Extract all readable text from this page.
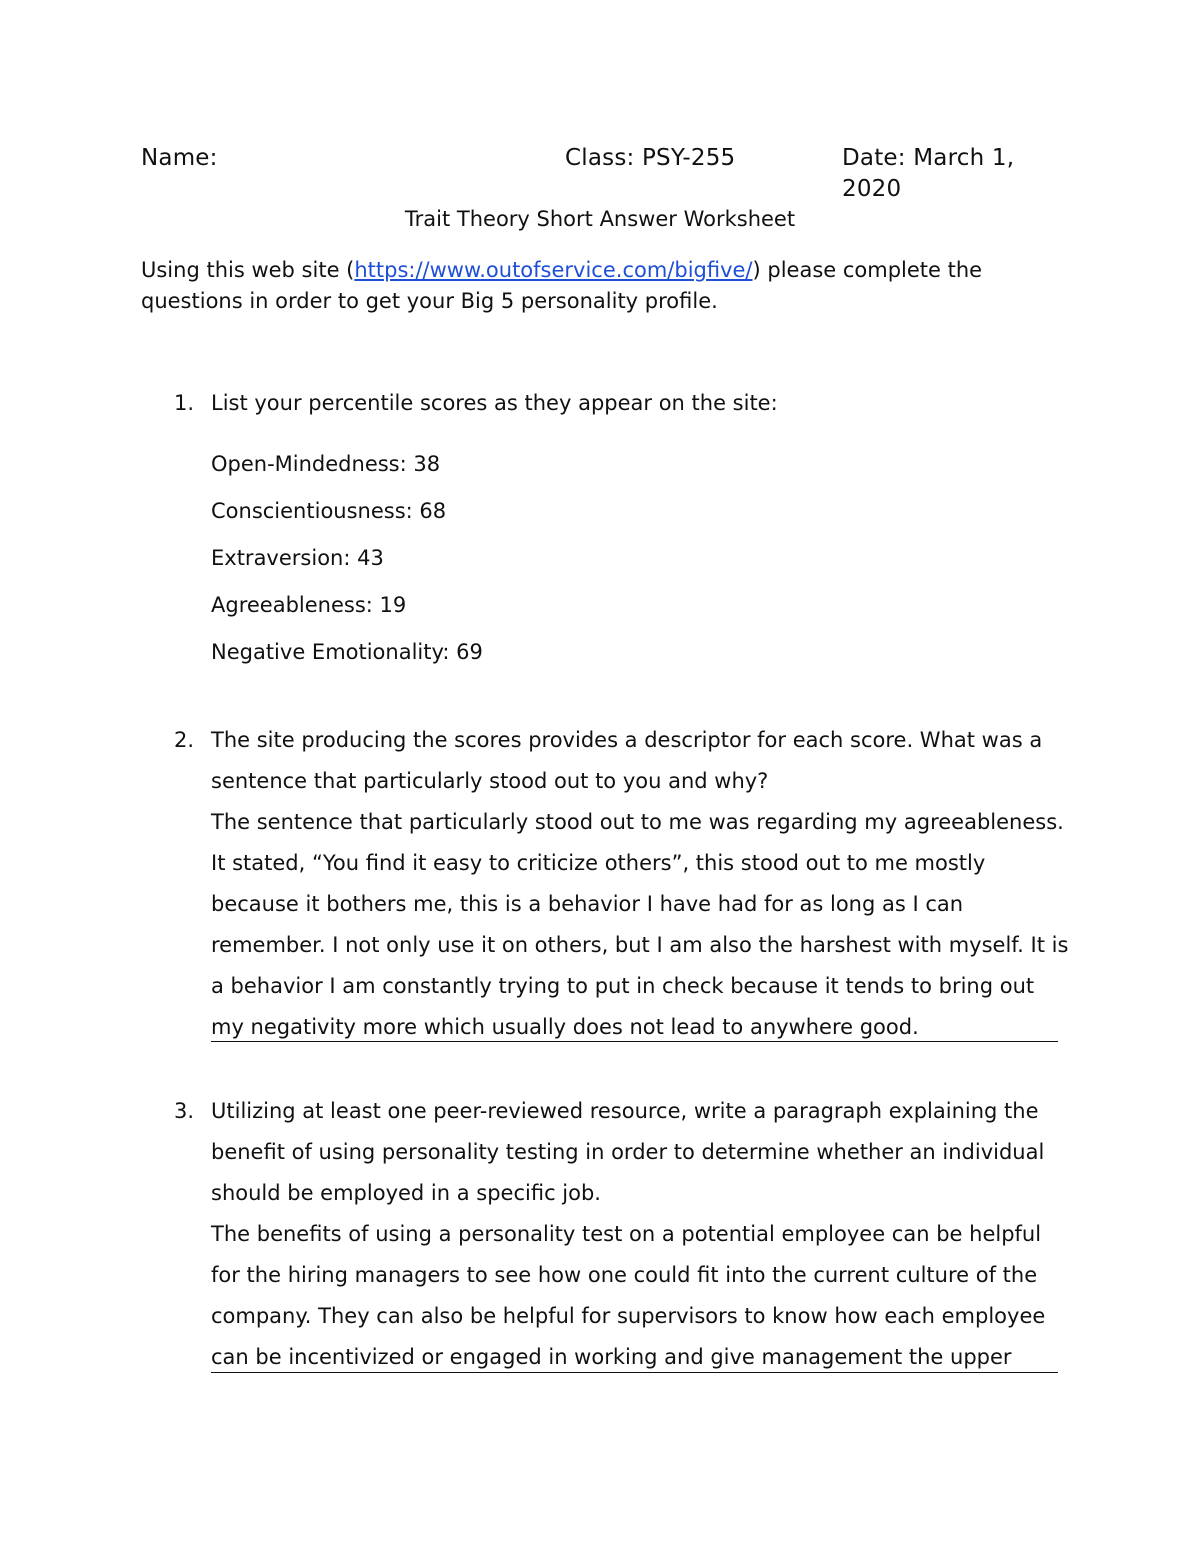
Name:	Class: PSY-255	Date: March 1, 2020
Trait Theory Short Answer Worksheet
Using this web site (https://www.outofservice.com/bigfive/) please complete the questions in order to get your Big 5 personality profile.
1. List your percentile scores as they appear on the site:
Open-Mindedness: 38
Conscientiousness: 68
Extraversion: 43
Agreeableness: 19
Negative Emotionality: 69
2. The site producing the scores provides a descriptor for each score. What was a sentence that particularly stood out to you and why?
The sentence that particularly stood out to me was regarding my agreeableness. It stated, “You find it easy to criticize others”, this stood out to me mostly because it bothers me, this is a behavior I have had for as long as I can remember. I not only use it on others, but I am also the harshest with myself. It is a behavior I am constantly trying to put in check because it tends to bring out my negativity more which usually does not lead to anywhere good.
3. Utilizing at least one peer-reviewed resource, write a paragraph explaining the benefit of using personality testing in order to determine whether an individual should be employed in a specific job.
The benefits of using a personality test on a potential employee can be helpful for the hiring managers to see how one could fit into the current culture of the company. They can also be helpful for supervisors to know how each employee can be incentivized or engaged in working and give management the upper
